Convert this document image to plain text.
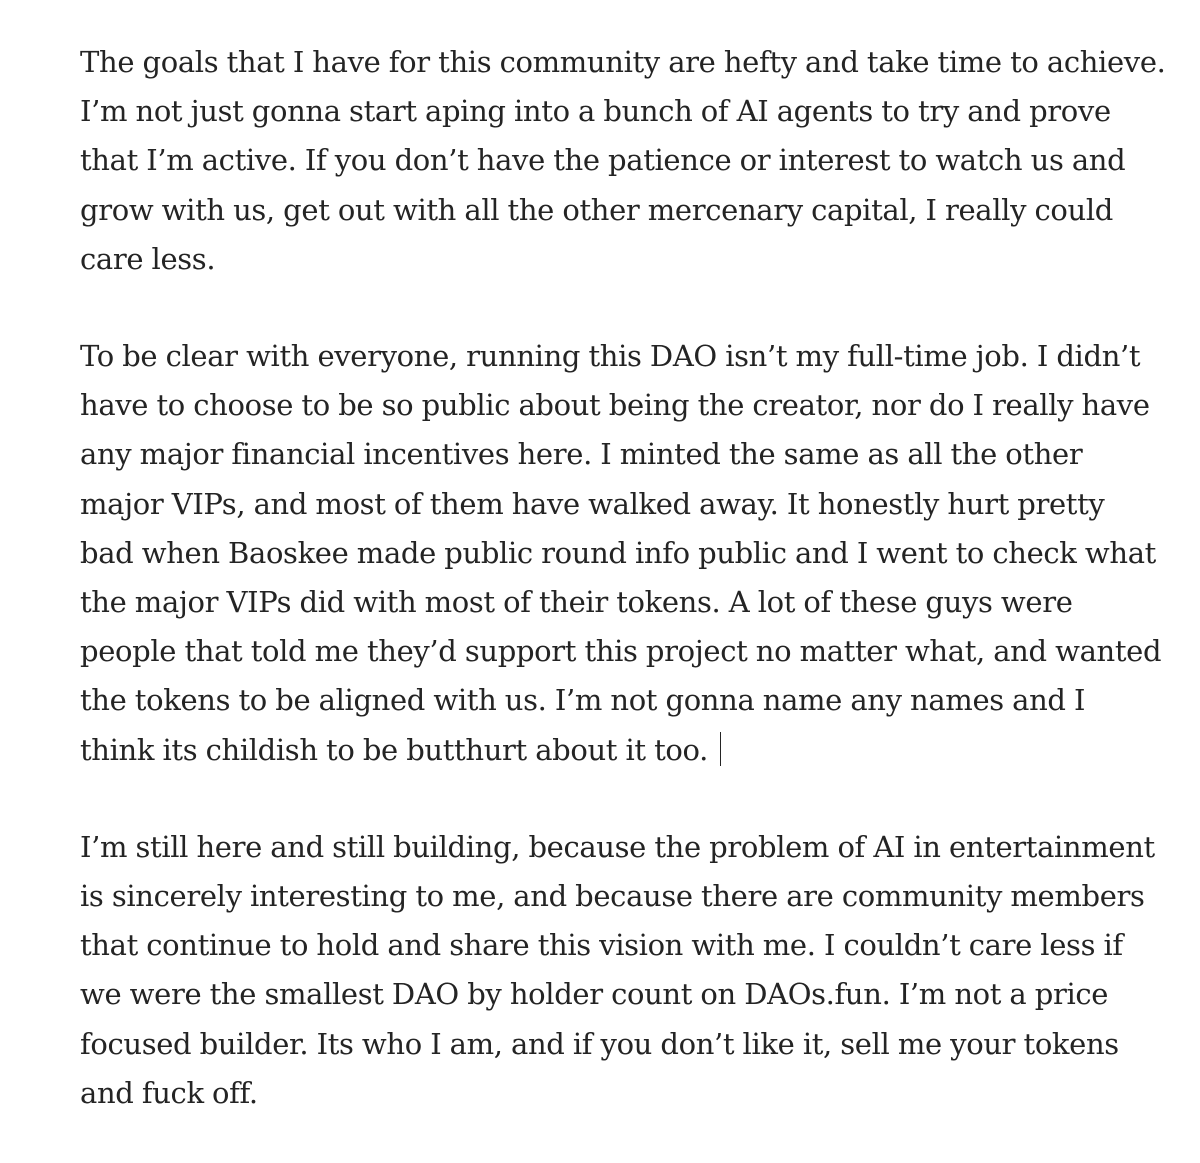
The goals that I have for this community are hefty and take time to achieve.
I’m not just gonna start aping into a bunch of AI agents to try and prove
that I’m active. If you don’t have the patience or interest to watch us and
grow with us, get out with all the other mercenary capital, I really could
care less.

To be clear with everyone, running this DAO isn’t my full-time job. I didn’t
have to choose to be so public about being the creator, nor do I really have
any major financial incentives here. I minted the same as all the other
major VIPs, and most of them have walked away. It honestly hurt pretty
bad when Baoskee made public round info public and I went to check what
the major VIPs did with most of their tokens. A lot of these guys were
people that told me they’d support this project no matter what, and wanted
the tokens to be aligned with us. I’m not gonna name any names and I
think its childish to be butthurt about it too.

I’m still here and still building, because the problem of AI in entertainment
is sincerely interesting to me, and because there are community members
that continue to hold and share this vision with me. I couldn’t care less if
we were the smallest DAO by holder count on DAOs.fun. I’m not a price
focused builder. Its who I am, and if you don’t like it, sell me your tokens
and fuck off.
